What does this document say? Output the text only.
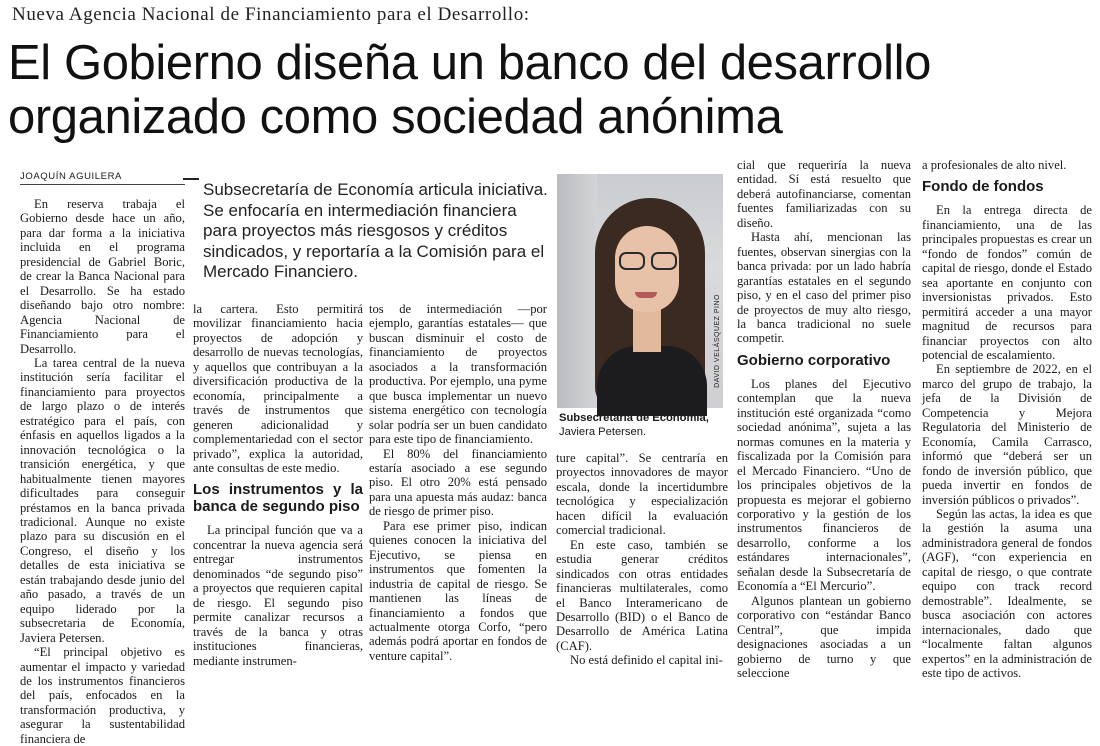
Nueva Agencia Nacional de Financiamiento para el Desarrollo:
El Gobierno diseña un banco del desarrollo
organizado como sociedad anónima
JOAQUÍN AGUILERA
Subsecretaría de Economía articula iniciativa. Se enfocaría en intermediación financiera para proyectos más riesgosos y créditos sindicados, y reportaría a la Comisión para el Mercado Financiero.
DAVID VELÁSQUEZ PINO
Subsecretaria de Economía, Javiera Petersen.

En reserva trabaja el Gobierno desde hace un año, para dar forma a la iniciativa incluida en el programa presidencial de Gabriel Boric, de crear la Banca Nacional para el Desarrollo. Se ha estado diseñando bajo otro nombre: Agencia Nacional de Financiamiento para el Desarrollo.

La tarea central de la nueva institución sería facilitar el financiamiento para proyectos de largo plazo o de interés estratégico para el país, con énfasis en aquellos ligados a la innovación tecnológica o la transición energética, y que habitualmente tienen mayores dificultades para conseguir préstamos en la banca privada tradicional. Aunque no existe plazo para su discusión en el Congreso, el diseño y los detalles de esta iniciativa se están trabajando desde junio del año pasado, a través de un equipo liderado por la subsecretaria de Economía, Javiera Petersen.

“El principal objetivo es aumentar el impacto y variedad de los instrumentos financieros del país, enfocados en la transformación productiva, y asegurar la sustentabilidad financiera de

la cartera. Esto permitirá movilizar financiamiento hacia proyectos de adopción y desarrollo de nuevas tecnologías, y aquellos que contribuyan a la diversificación productiva de la economía, principalmente a través de instrumentos que generen adicionalidad y complementariedad con el sector privado”, explica la autoridad, ante consultas de este medio.

Los instrumentos y la banca de segundo piso

La principal función que va a concentrar la nueva agencia será entregar instrumentos denominados “de segundo piso” a proyectos que requieren capital de riesgo. El segundo piso permite canalizar recursos a través de la banca y otras instituciones financieras, mediante instrumen-

tos de intermediación —por ejemplo, garantías estatales— que buscan disminuir el costo de financiamiento de proyectos asociados a la transformación productiva. Por ejemplo, una pyme que busca implementar un nuevo sistema energético con tecnología solar podría ser un buen candidato para este tipo de financiamiento.

El 80% del financiamiento estaría asociado a ese segundo piso. El otro 20% está pensado para una apuesta más audaz: banca de riesgo de primer piso.

Para ese primer piso, indican quienes conocen la iniciativa del Ejecutivo, se piensa en instrumentos que fomenten la industria de capital de riesgo. Se mantienen las líneas de financiamiento a fondos que actualmente otorga Corfo, “pero además podrá aportar en fondos de venture capital”.

ture capital”. Se centraría en proyectos innovadores de mayor escala, donde la incertidumbre tecnológica y especialización hacen difícil la evaluación comercial tradicional.

En este caso, también se estudia generar créditos sindicados con otras entidades financieras multilaterales, como el Banco Interamericano de Desarrollo (BID) o el Banco de Desarrollo de América Latina (CAF).

No está definido el capital ini-

cial que requeriría la nueva entidad. Sí está resuelto que deberá autofinanciarse, comentan fuentes familiarizadas con su diseño.

Hasta ahí, mencionan las fuentes, observan sinergias con la banca privada: por un lado habría garantías estatales en el segundo piso, y en el caso del primer piso de proyectos de muy alto riesgo, la banca tradicional no suele competir.

Gobierno corporativo

Los planes del Ejecutivo contemplan que la nueva institución esté organizada “como sociedad anónima”, sujeta a las normas comunes en la materia y fiscalizada por la Comisión para el Mercado Financiero. “Uno de los principales objetivos de la propuesta es mejorar el gobierno corporativo y la gestión de los instrumentos financieros de desarrollo, conforme a los estándares internacionales”, señalan desde la Subsecretaría de Economía a “El Mercurio”.

Algunos plantean un gobierno corporativo con “estándar Banco Central”, que impida designaciones asociadas a un gobierno de turno y que seleccione

a profesionales de alto nivel.

Fondo de fondos

En la entrega directa de financiamiento, una de las principales propuestas es crear un “fondo de fondos” común de capital de riesgo, donde el Estado sea aportante en conjunto con inversionistas privados. Esto permitirá acceder a una mayor magnitud de recursos para financiar proyectos con alto potencial de escalamiento.

En septiembre de 2022, en el marco del grupo de trabajo, la jefa de la División de Competencia y Mejora Regulatoria del Ministerio de Economía, Camila Carrasco, informó que “deberá ser un fondo de inversión público, que pueda invertir en fondos de inversión públicos o privados”.

Según las actas, la idea es que la gestión la asuma una administradora general de fondos (AGF), “con experiencia en capital de riesgo, o que contrate equipo con track record demostrable”. Idealmente, se busca asociación con actores internacionales, dado que “localmente faltan algunos expertos” en la administración de este tipo de activos.
